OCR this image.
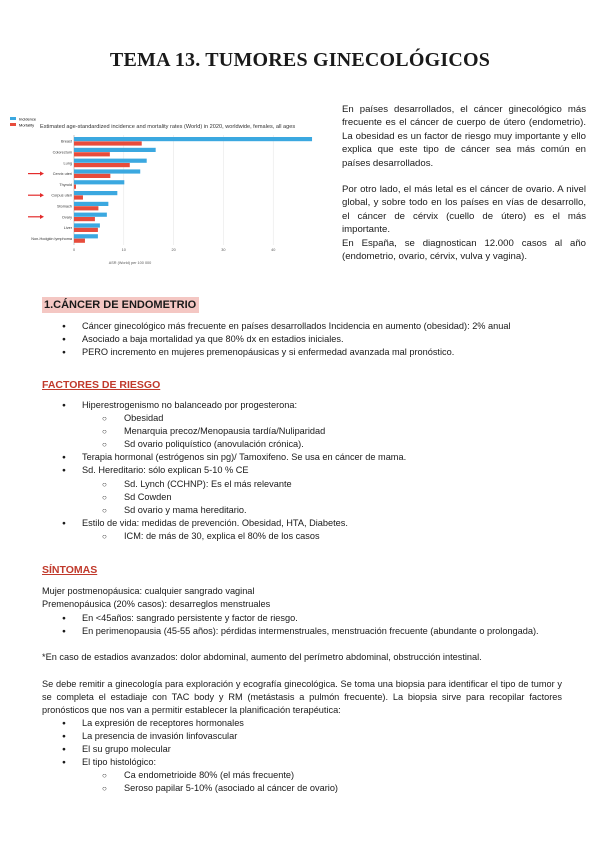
TEMA 13. TUMORES GINECOLÓGICOS
Incidence
Mortality Estimated age-standardized incidence and mortality rates (World) in 2020, worldwide, females, all ages
0	10	20	30	40
Breast
Colorectum
Lung
Cervix uteri
Thyroid
Corpus uteri
Stomach
Ovary
Liver
Non-Hodgkin lymphoma
ASR (World) per 100 000

En países desarrollados, el cáncer ginecológico más frecuente es el cáncer de cuerpo de útero (endometrio). La obesidad es un factor de riesgo muy importante y ello explica que este tipo de cáncer sea más común en países desarrollados.

Por otro lado, el más letal es el cáncer de ovario. A nivel global, y sobre todo en los países en vías de desarrollo, el cáncer de cérvix (cuello de útero) es el más importante.

En España, se diagnostican 12.000 casos al año (endometrio, ovario, cérvix, vulva y vagina).

1.CÁNCER DE ENDOMETRIO
● Cáncer ginecológico más frecuente en países desarrollados Incidencia en aumento (obesidad): 2% anual
● Asociado a baja mortalidad ya que 80% dx en estadios iniciales.
● PERO incremento en mujeres premenopáusicas y si enfermedad avanzada mal pronóstico.
FACTORES DE RIESGO
● Hiperestrogenismo no balanceado por progesterona:
○ Obesidad
○ Menarquia precoz/Menopausia tardía/Nuliparidad
○ Sd ovario poliquístico (anovulación crónica).
● Terapia hormonal (estrógenos sin pg)/ Tamoxifeno. Se usa en cáncer de mama.
● Sd. Hereditario: sólo explican 5-10 % CE
○ Sd. Lynch (CCHNP): Es el más relevante
○ Sd Cowden
○ Sd ovario y mama hereditario.
● Estilo de vida: medidas de prevención. Obesidad, HTA, Diabetes.
○ ICM: de más de 30, explica el 80% de los casos
SÍNTOMAS

Mujer postmenopáusica: cualquier sangrado vaginal

Premenopáusica (20% casos): desarreglos menstruales

● En <45años: sangrado persistente y factor de riesgo.
● En perimenopausia (45-55 años): pérdidas intermenstruales, menstruación frecuente (abundante o prolongada).
*En caso de estadios avanzados: dolor abdominal, aumento del perímetro abdominal, obstrucción intestinal.
Se debe remitir a ginecología para exploración y ecografía ginecológica. Se toma una biopsia para identificar el tipo de tumor y se completa el estadiaje con TAC body y RM (metástasis a pulmón frecuente). La biopsia sirve para recopilar factores pronósticos que nos van a permitir establecer la planificación terapéutica:
● La expresión de receptores hormonales
● La presencia de invasión linfovascular
● El su grupo molecular
● El tipo histológico:
○ Ca endometrioide 80% (el más frecuente)
○ Seroso papilar 5-10% (asociado al cáncer de ovario)
